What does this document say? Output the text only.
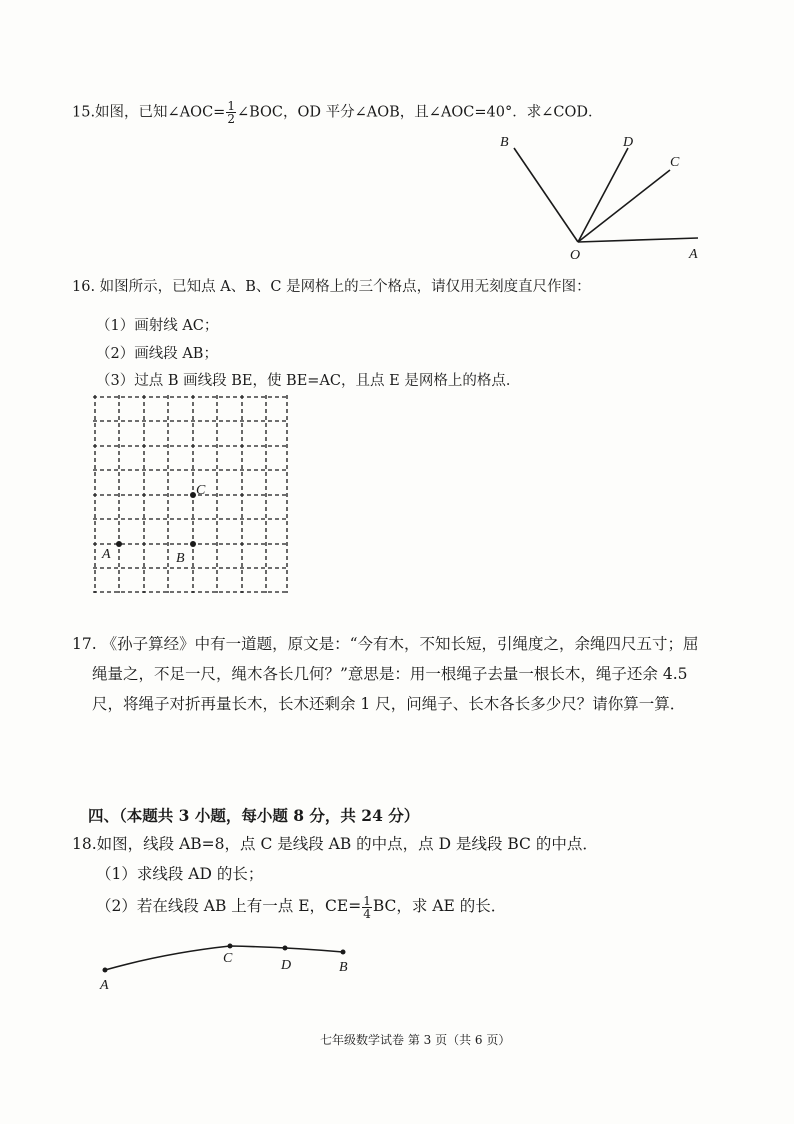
15.如图，已知∠AOC= $\frac{1}{2}$ ∠BOC，OD 平分∠AOB，且∠AOC=40°．求∠COD．
B	D
C
O	A
16. 如图所示，已知点 A、B、C 是网格上的三个格点，请仅用无刻度直尺作图：
（1）画射线 AC；
（2）画线段 AB；
（3）过点 B 画线段 BE，使 BE=AC，且点 E 是网格上的格点．
A	B
C
17. 《孙子算经》中有一道题，原文是：“今有木，不知长短，引绳度之，余绳四尺五寸；屈
绳量之，不足一尺，绳木各长几何？”意思是：用一根绳子去量一根长木，绳子还余 4.5
尺，将绳子对折再量长木，长木还剩余 1 尺，问绳子、长木各长多少尺？请你算一算．
四、（本题共 3 小题，每小题 8 分，共 24 分）
18.如图，线段 AB=8，点 C 是线段 AB 的中点，点 D 是线段 BC 的中点．
（1）求线段 AD 的长；
（2）若在线段 AB 上有一点 E，$CE= \frac{1}{4}$ BC，求 AE 的长．
A
C	D	B
七年级数学试卷 第 3 页（共 6 页）
